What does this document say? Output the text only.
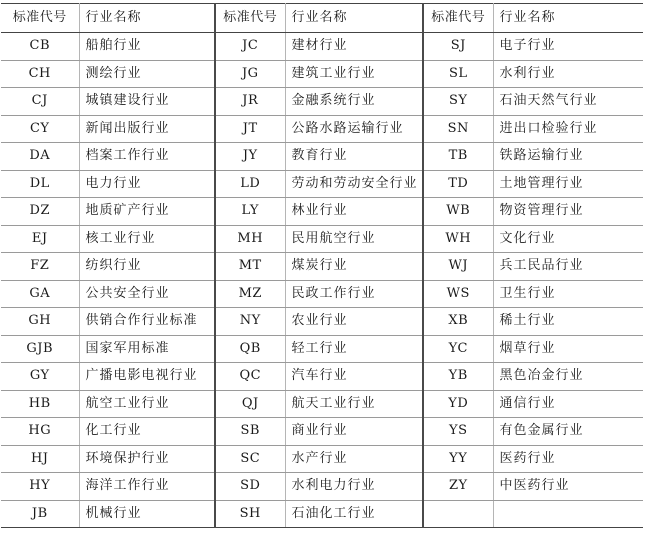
标准代号	行业名称	标准代号	行业名称	标准代号	行业名称
CB	船舶行业	JC	建材行业	SJ	电子行业
CH	测绘行业	JG	建筑工业行业	SL	水利行业
CJ	城镇建设行业	JR	金融系统行业	SY	石油天然气行业
CY	新闻出版行业	JT	公路水路运输行业	SN	进出口检验行业
DA	档案工作行业	JY	教育行业	TB	铁路运输行业
DL	电力行业	LD	劳动和劳动安全行业	TD	土地管理行业
DZ	地质矿产行业	LY	林业行业	WB	物资管理行业
EJ	核工业行业	MH	民用航空行业	WH	文化行业
FZ	纺织行业	MT	煤炭行业	WJ	兵工民品行业
GA	公共安全行业	MZ	民政工作行业	WS	卫生行业
GH	供销合作行业标准	NY	农业行业	XB	稀土行业
GJB	国家军用标准	QB	轻工行业	YC	烟草行业
GY	广播电影电视行业	QC	汽车行业	YB	黑色冶金行业
HB	航空工业行业	QJ	航天工业行业	YD	通信行业
HG	化工行业	SB	商业行业	YS	有色金属行业
HJ	环境保护行业	SC	水产行业	YY	医药行业
HY	海洋工作行业	SD	水利电力行业	ZY	中医药行业
JB	机械行业	SH	石油化工行业		
